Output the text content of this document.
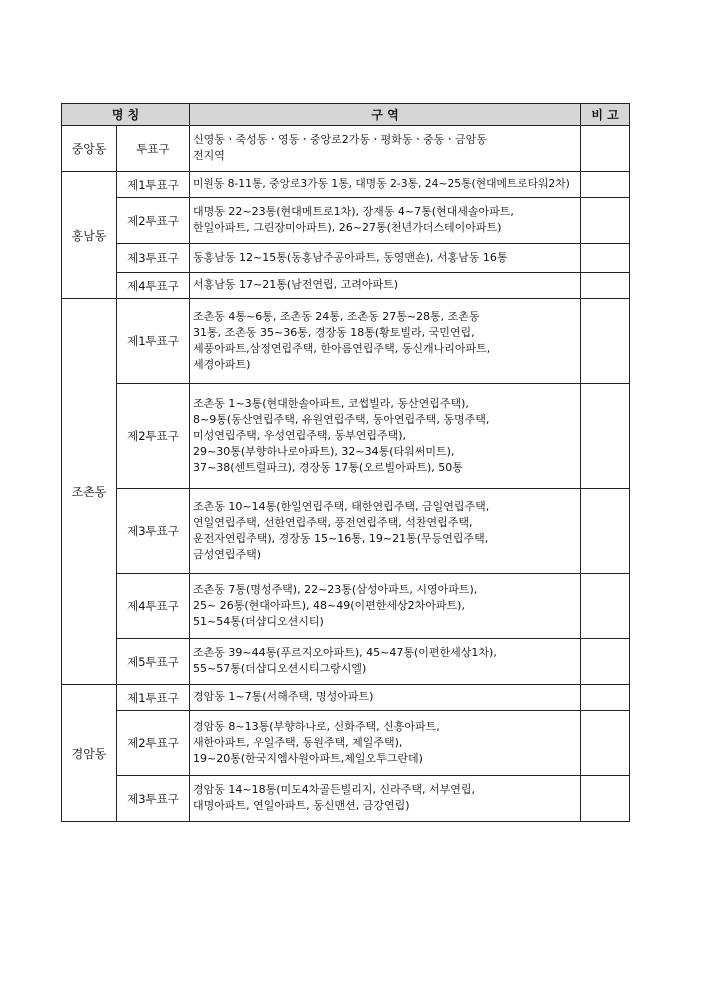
명 칭		구 역	비 고
중앙동	투표구	신영동ㆍ죽성동ㆍ영동ㆍ중앙로2가동ㆍ평화동ㆍ중동ㆍ금암동
전지역	

홍남동	제1투표구	미원동 8-11통, 중앙로3가동 1통, 대명동 2-3통, 24~25통(현대메트로타워2차)	

	제2투표구	대명동 22~23통(현대메트로1차), 장재동 4~7통(현대세솔아파트,
한일아파트, 그린장미아파트), 26~27통(천년가더스테이아파트)	

	제3투표구	동홍남동 12~15통(동홍남주공아파트, 동영맨숀), 서홍남동 16통	

	제4투표구	서홍남동 17~21통(남전연립, 고려아파트)	

조촌동	제1투표구	조촌동 4통~6통, 조촌동 24통, 조촌동 27통~28통, 조촌동
31통, 조촌동 35~36통, 경장동 18통(황토빌라, 국민연립,
세풍아파트,삼정연립주택, 한아름연립주택, 동신개나리아파트,
세경아파트)	

	제2투표구	조촌동 1~3통(현대한솔아파트, 코썹빌라, 동산연립주택),
8~9통(동산연립주택, 유원연립주택, 동아연립주택, 동명주택,
미성연립주택, 우성연립주택, 동부연립주택),
29~30통(부향하나로아파트), 32~34통(타워써미트),
37~38(센트럴파크), 경장동 17통(오르빌아파트), 50통	

	제3투표구	조촌동 10~14통(한일연립주택, 태한연립주택, 금일연립주택,
연일연립주택, 선한연립주택, 풍전연립주택, 석찬연립주택,
운전자연립주택), 경장동 15~16통, 19~21통(무등연립주택,
금성연립주택)	

	제4투표구	조촌동 7통(명성주택), 22~23통(삼성아파트, 시영아파트),
25~ 26통(현대아파트), 48~49(이편한세상2차아파트),
51~54통(더샵디오션시티)	

	제5투표구	조촌동 39~44통(푸르지오아파트), 45~47통(이편한세상1차),
55~57통(더샵디오션시티그랑시엘)	

경암동	제1투표구	경암동 1~7통(서해주택, 명성아파트)	

	제2투표구	경암동 8~13통(부향하나로, 신화주택, 신흥아파트,
새한아파트, 우일주택, 동원주택, 제일주택),
19~20통(한국지엠사원아파트,제일오투그란데)	

	제3투표구	경암동 14~18통(미도4차골든빌리지, 신라주택, 서부연립,
대명아파트, 연일아파트, 동신맨션, 금강연립)	
